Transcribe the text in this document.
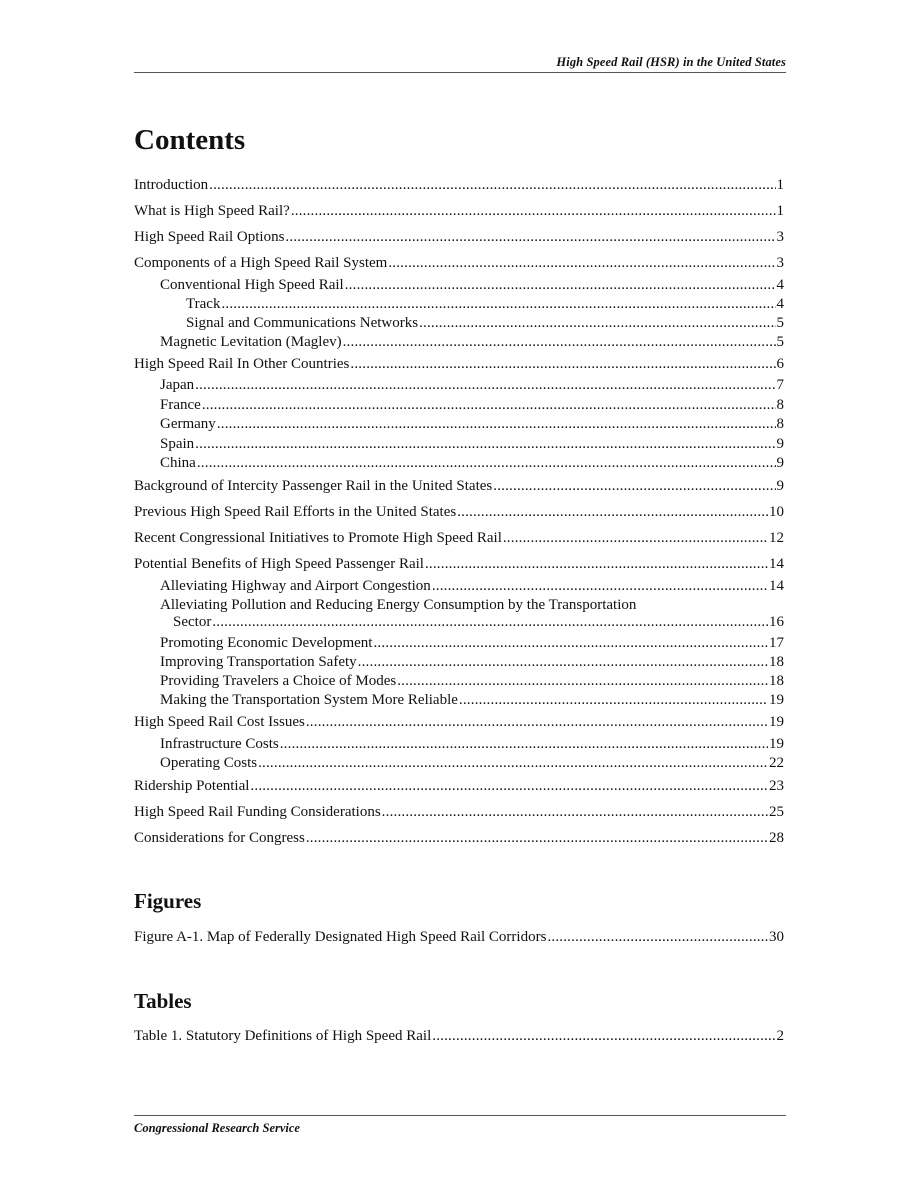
High Speed Rail (HSR) in the United States
Contents
Introduction .....	1
What is High Speed Rail? .....	1
High Speed Rail Options .....	3
Components of a High Speed Rail System .....	3
Conventional High Speed Rail .....	4
Track .....	4
Signal and Communications Networks .....	5
Magnetic Levitation (Maglev) .....	5
High Speed Rail In Other Countries .....	6
Japan .....	7
France .....	8
Germany .....	8
Spain .....	9
China .....	9
Background of Intercity Passenger Rail in the United States .....	9
Previous High Speed Rail Efforts in the United States .....	10
Recent Congressional Initiatives to Promote High Speed Rail .....	12
Potential Benefits of High Speed Passenger Rail .....	14
Alleviating Highway and Airport Congestion .....	14
Alleviating Pollution and Reducing Energy Consumption by the Transportation
Sector .....	16
Promoting Economic Development .....	17
Improving Transportation Safety .....	18
Providing Travelers a Choice of Modes .....	18
Making the Transportation System More Reliable .....	19
High Speed Rail Cost Issues .....	19
Infrastructure Costs .....	19
Operating Costs .....	22
Ridership Potential .....	23
High Speed Rail Funding Considerations .....	25
Considerations for Congress .....	28
Figures
Figure A-1. Map of Federally Designated High Speed Rail Corridors .....	30
Tables
Table 1. Statutory Definitions of High Speed Rail .....	2
Congressional Research Service
